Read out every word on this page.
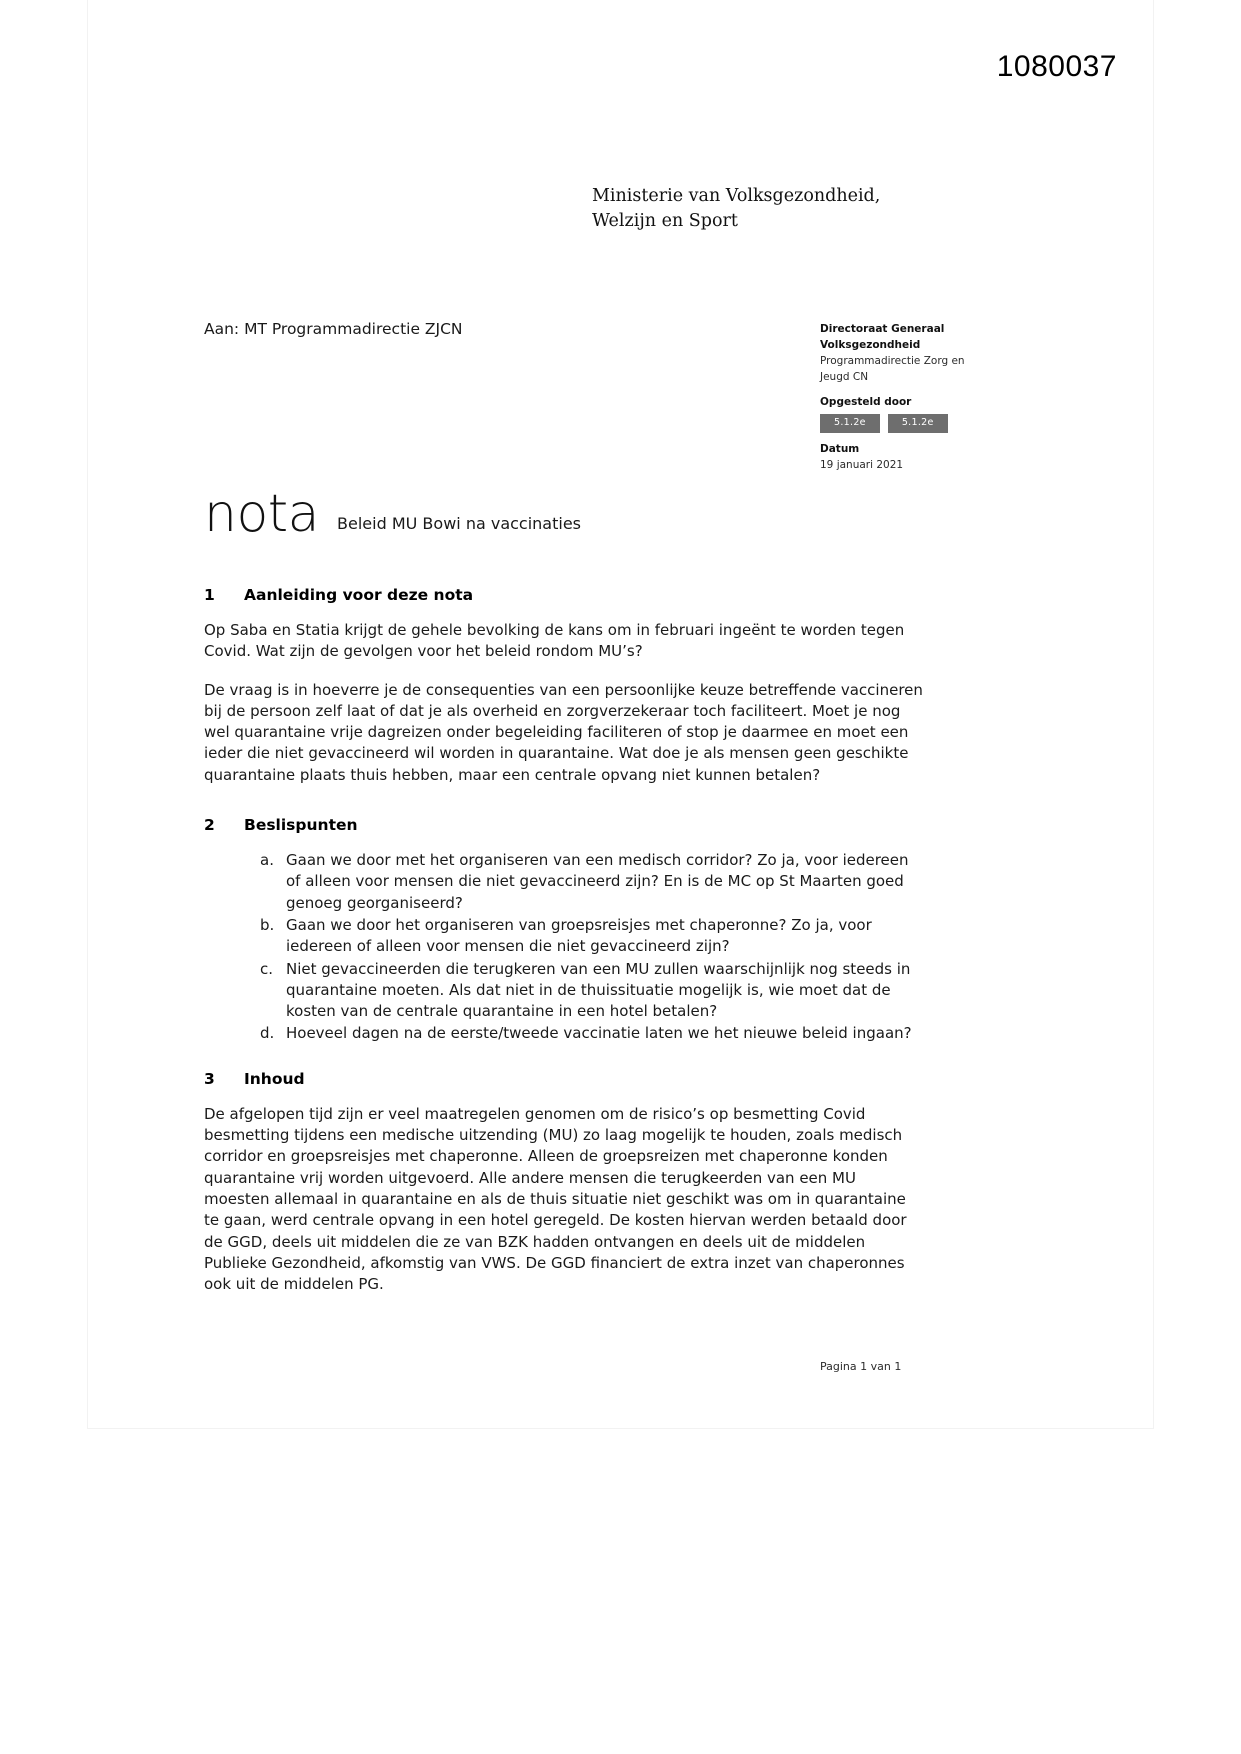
1080037
Ministerie van Volksgezondheid,
Welzijn en Sport
Aan: MT Programmadirectie ZJCN	Directoraat Generaal
Volksgezondheid
Programmadirectie Zorg en
Jeugd CN
Opgesteld door
5.1.2e	5.1.2e
Datum
19 januari 2021
nota Beleid MU Bowi na vaccinaties
1	Aanleiding voor deze nota

Op Saba en Statia krijgt de gehele bevolking de kans om in februari ingeënt te worden tegen Covid. Wat zijn de gevolgen voor het beleid rondom MU’s?

De vraag is in hoeverre je de consequenties van een persoonlijke keuze betreffende vaccineren bij de persoon zelf laat of dat je als overheid en zorgverzekeraar toch faciliteert. Moet je nog wel quarantaine vrije dagreizen onder begeleiding faciliteren of stop je daarmee en moet een ieder die niet gevaccineerd wil worden in quarantaine. Wat doe je als mensen geen geschikte quarantaine plaats thuis hebben, maar een centrale opvang niet kunnen betalen?

2	Beslispunten
a. Gaan we door met het organiseren van een medisch corridor? Zo ja, voor iedereen of alleen voor mensen die niet gevaccineerd zijn? En is de MC op St Maarten goed genoeg georganiseerd?
b. Gaan we door het organiseren van groepsreisjes met chaperonne? Zo ja, voor iedereen of alleen voor mensen die niet gevaccineerd zijn?
c. Niet gevaccineerden die terugkeren van een MU zullen waarschijnlijk nog steeds in quarantaine moeten. Als dat niet in de thuissituatie mogelijk is, wie moet dat de kosten van de centrale quarantaine in een hotel betalen?
d. Hoeveel dagen na de eerste/tweede vaccinatie laten we het nieuwe beleid ingaan?
3	Inhoud

De afgelopen tijd zijn er veel maatregelen genomen om de risico’s op besmetting Covid besmetting tijdens een medische uitzending (MU) zo laag mogelijk te houden, zoals medisch corridor en groepsreisjes met chaperonne. Alleen de groepsreizen met chaperonne konden quarantaine vrij worden uitgevoerd. Alle andere mensen die terugkeerden van een MU moesten allemaal in quarantaine en als de thuis situatie niet geschikt was om in quarantaine te gaan, werd centrale opvang in een hotel geregeld. De kosten hiervan werden betaald door de GGD, deels uit middelen die ze van BZK hadden ontvangen en deels uit de middelen Publieke Gezondheid, afkomstig van VWS. De GGD financiert de extra inzet van chaperonnes ook uit de middelen PG.

Pagina 1 van 1
